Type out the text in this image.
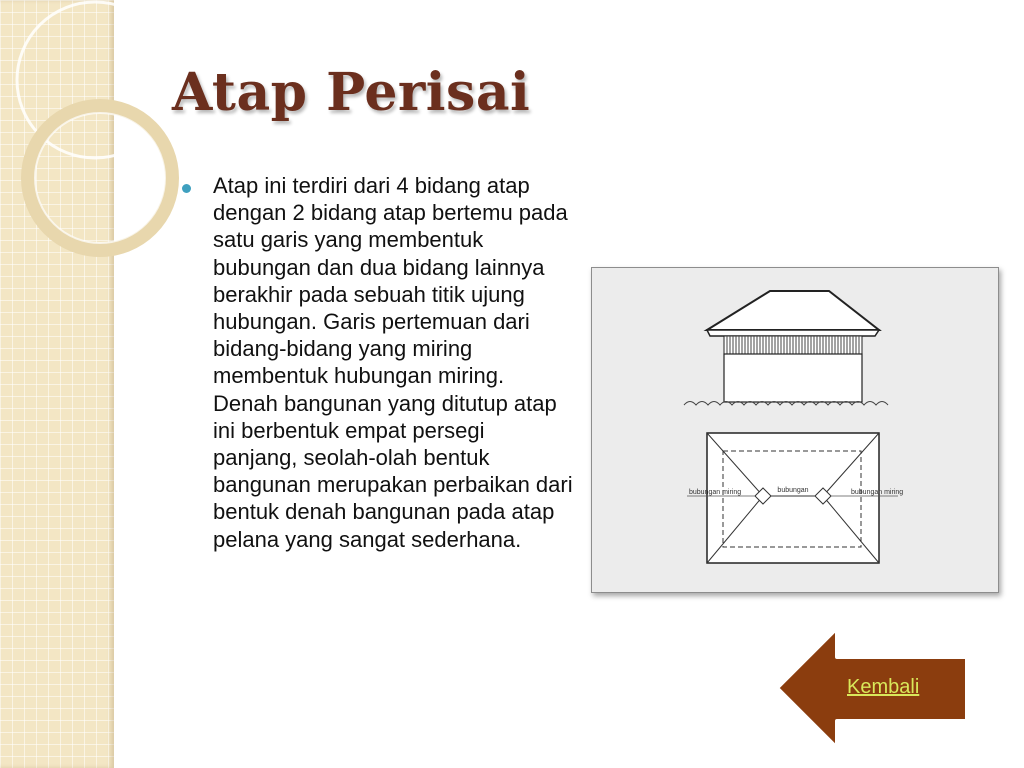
Atap Perisai
Atap ini terdiri dari 4 bidang atap dengan 2 bidang atap bertemu pada satu garis yang membentuk bubungan dan dua bidang lainnya berakhir pada sebuah titik ujung hubungan. Garis pertemuan dari bidang-bidang yang miring membentuk hubungan miring. Denah bangunan yang ditutup atap ini berbentuk empat persegi panjang, seolah-olah bentuk bangunan merupakan perbaikan dari bentuk denah bangunan pada atap pelana yang sangat sederhana.
bubungan miring	bubungan	bubungan miring
Kembali
